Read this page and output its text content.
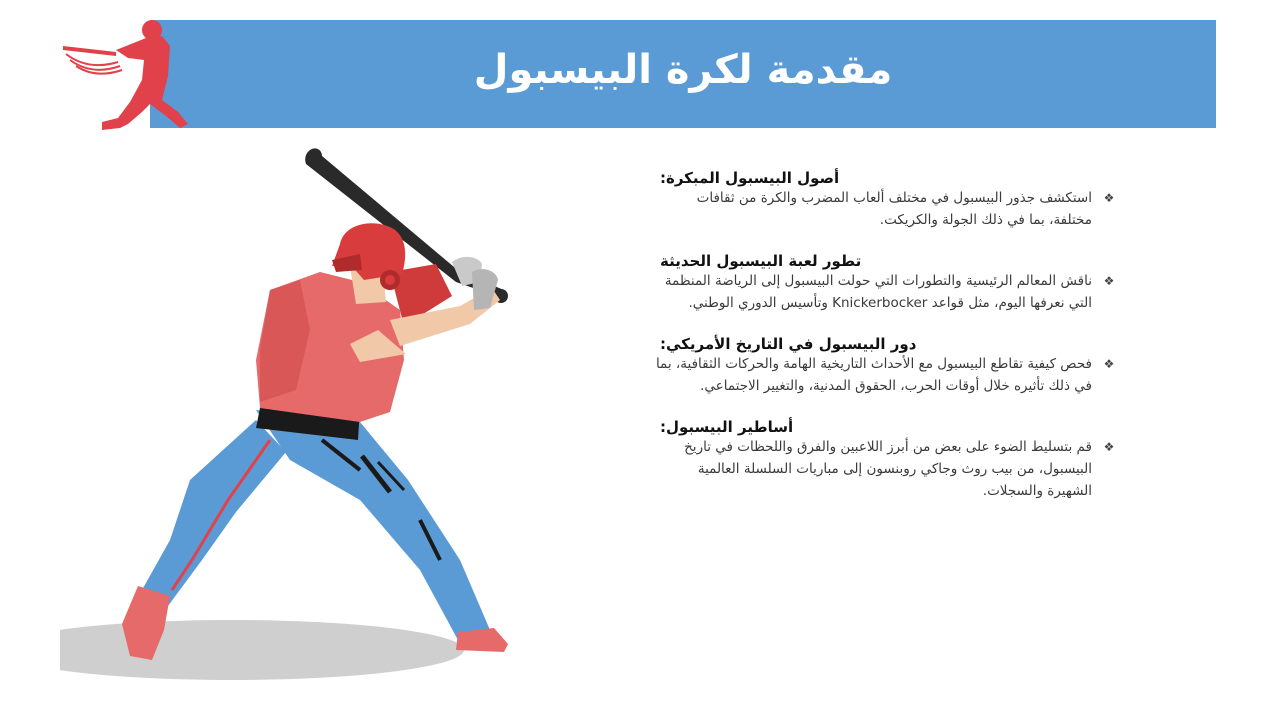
مقدمة لكرة البيسبول
أصول البيسبول المبكرة:
❖
استكشف جذور البيسبول في مختلف ألعاب المضرب والكرة من ثقافات مختلفة، بما في ذلك الجولة والكريكت.
تطور لعبة البيسبول الحديثة
❖
ناقش المعالم الرئيسية والتطورات التي حولت البيسبول إلى الرياضة المنظمة التي نعرفها اليوم، مثل قواعد Knickerbocker وتأسيس الدوري الوطني.
دور البيسبول في التاريخ الأمريكي:
❖
فحص كيفية تقاطع البيسبول مع الأحداث التاريخية الهامة والحركات الثقافية، بما في ذلك تأثيره خلال أوقات الحرب، الحقوق المدنية، والتغيير الاجتماعي.
أساطير البيسبول:
❖
قم بتسليط الضوء على بعض من أبرز اللاعبين والفرق واللحظات في تاريخ البيسبول، من بيب روث وجاكي روبنسون إلى مباريات السلسلة العالمية الشهيرة والسجلات.
